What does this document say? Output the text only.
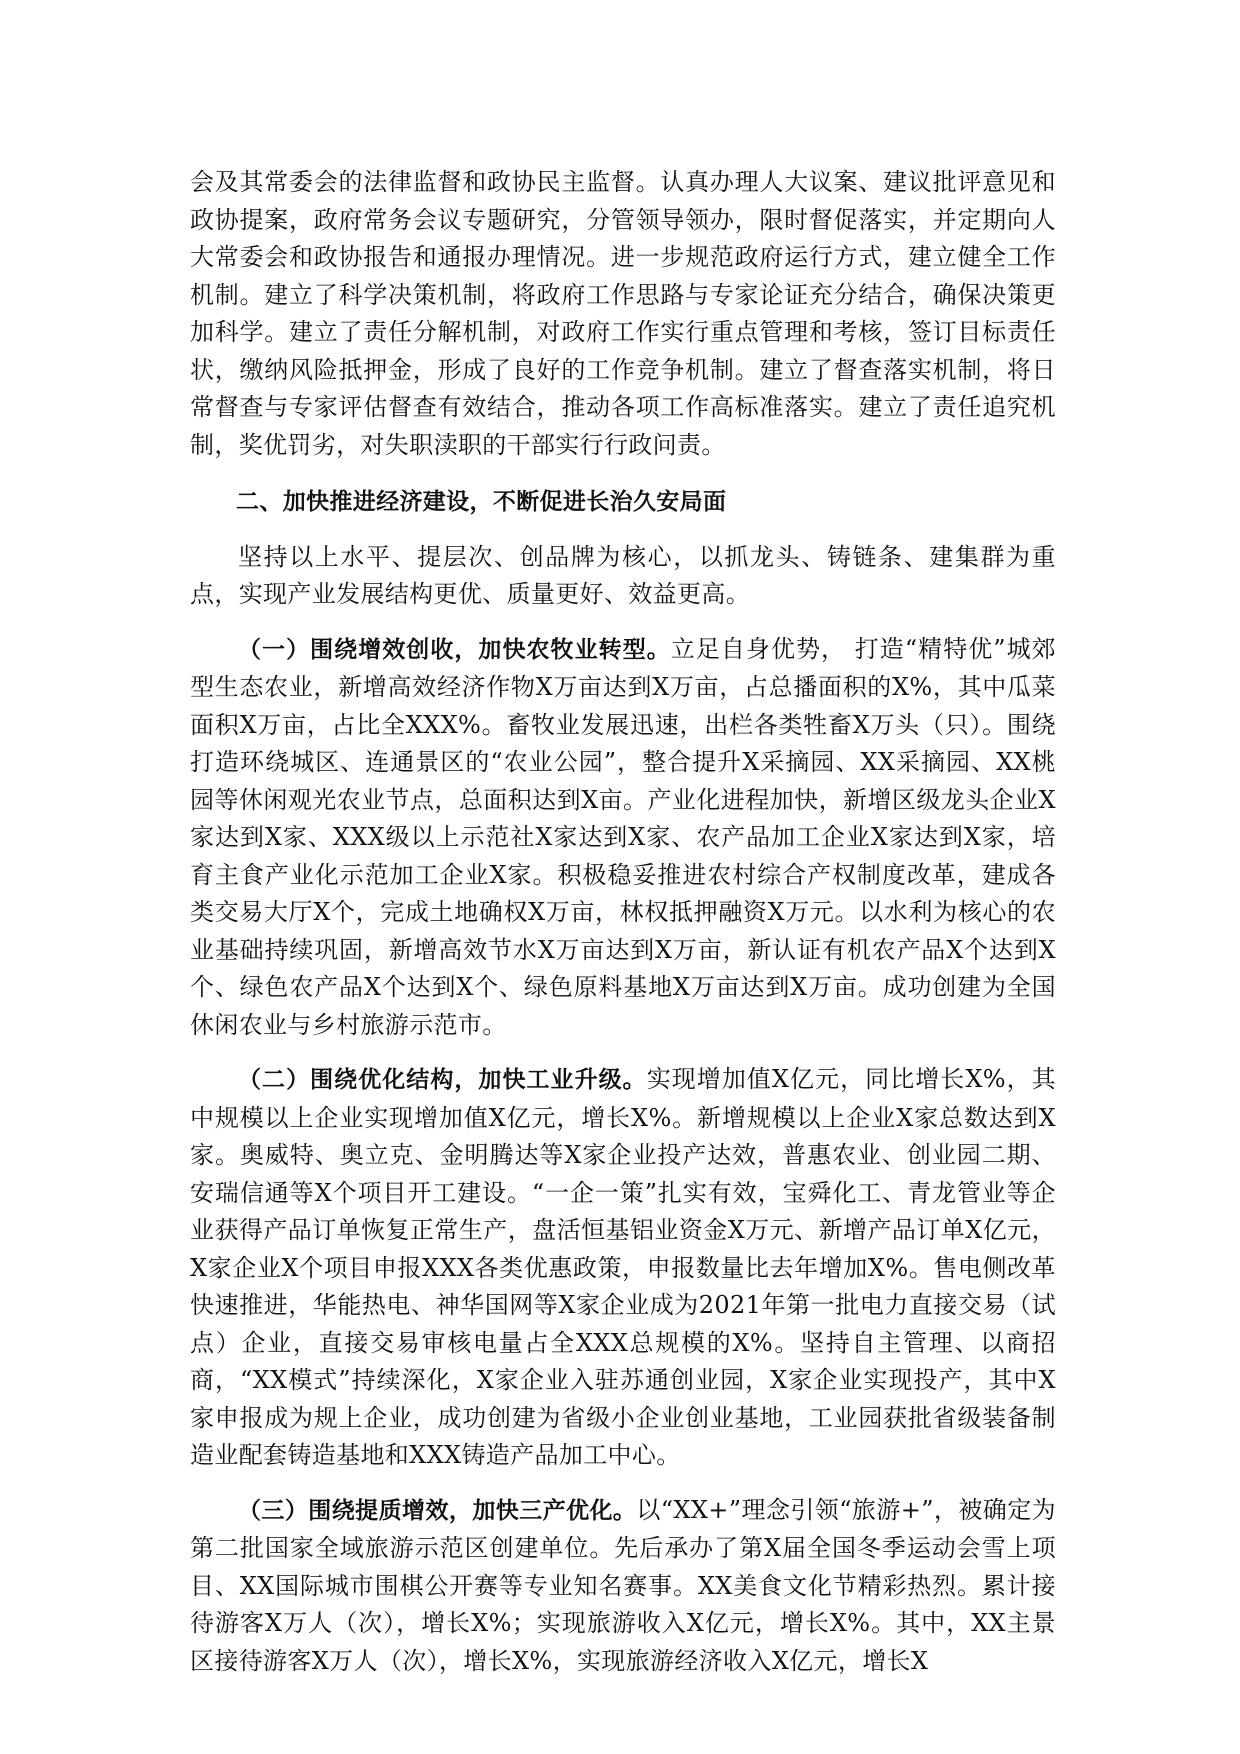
会及其常委会的法律监督和政协民主监督。认真办理人大议案、建议批评意见和政协提案，政府常务会议专题研究，分管领导领办，限时督促落实，并定期向人大常委会和政协报告和通报办理情况。进一步规范政府运行方式，建立健全工作机制。建立了科学决策机制，将政府工作思路与专家论证充分结合，确保决策更加科学。建立了责任分解机制，对政府工作实行重点管理和考核，签订目标责任状，缴纳风险抵押金，形成了良好的工作竞争机制。建立了督查落实机制，将日常督查与专家评估督查有效结合，推动各项工作高标准落实。建立了责任追究机制，奖优罚劣，对失职渎职的干部实行行政问责。

二、加快推进经济建设，不断促进长治久安局面

坚持以上水平、提层次、创品牌为核心，以抓龙头、铸链条、建集群为重点，实现产业发展结构更优、质量更好、效益更高。

（一）围绕增效创收，加快农牧业转型。立足自身优势， 打造“精特优”城郊型生态农业，新增高效经济作物X万亩达到X万亩，占总播面积的X%，其中瓜菜面积X万亩，占比全XXX%。畜牧业发展迅速，出栏各类牲畜X万头（只）。围绕打造环绕城区、连通景区的“农业公园”，整合提升X采摘园、XX采摘园、XX桃园等休闲观光农业节点，总面积达到X亩。产业化进程加快，新增区级龙头企业X家达到X家、XXX级以上示范社X家达到X家、农产品加工企业X家达到X家，培育主食产业化示范加工企业X家。积极稳妥推进农村综合产权制度改革，建成各类交易大厅X个，完成土地确权X万亩，林权抵押融资X万元。以水利为核心的农业基础持续巩固，新增高效节水X万亩达到X万亩，新认证有机农产品X个达到X个、绿色农产品X个达到X个、绿色原料基地X万亩达到X万亩。成功创建为全国休闲农业与乡村旅游示范市。

（二）围绕优化结构，加快工业升级。实现增加值X亿元，同比增长X%，其中规模以上企业实现增加值X亿元，增长X%。新增规模以上企业X家总数达到X家。奥威特、奥立克、金明腾达等X家企业投产达效，普惠农业、创业园二期、安瑞信通等X个项目开工建设。“一企一策”扎实有效，宝舜化工、青龙管业等企业获得产品订单恢复正常生产，盘活恒基铝业资金X万元、新增产品订单X亿元，X家企业X个项目申报XXX各类优惠政策，申报数量比去年增加X%。售电侧改革快速推进，华能热电、神华国网等X家企业成为2021年第一批电力直接交易（试点）企业，直接交易审核电量占全XXX总规模的X%。坚持自主管理、以商招商，“XX模式”持续深化，X家企业入驻苏通创业园，X家企业实现投产，其中X家申报成为规上企业，成功创建为省级小企业创业基地，工业园获批省级装备制造业配套铸造基地和XXX铸造产品加工中心。

（三）围绕提质增效，加快三产优化。以“XX+”理念引领“旅游+”，被确定为第二批国家全域旅游示范区创建单位。先后承办了第X届全国冬季运动会雪上项目、XX国际城市围棋公开赛等专业知名赛事。XX美食文化节精彩热烈。累计接待游客X万人（次），增长X%；实现旅游收入X亿元，增长X%。其中，XX主景区接待游客X万人（次），增长X%，实现旅游经济收入X亿元，增长X
